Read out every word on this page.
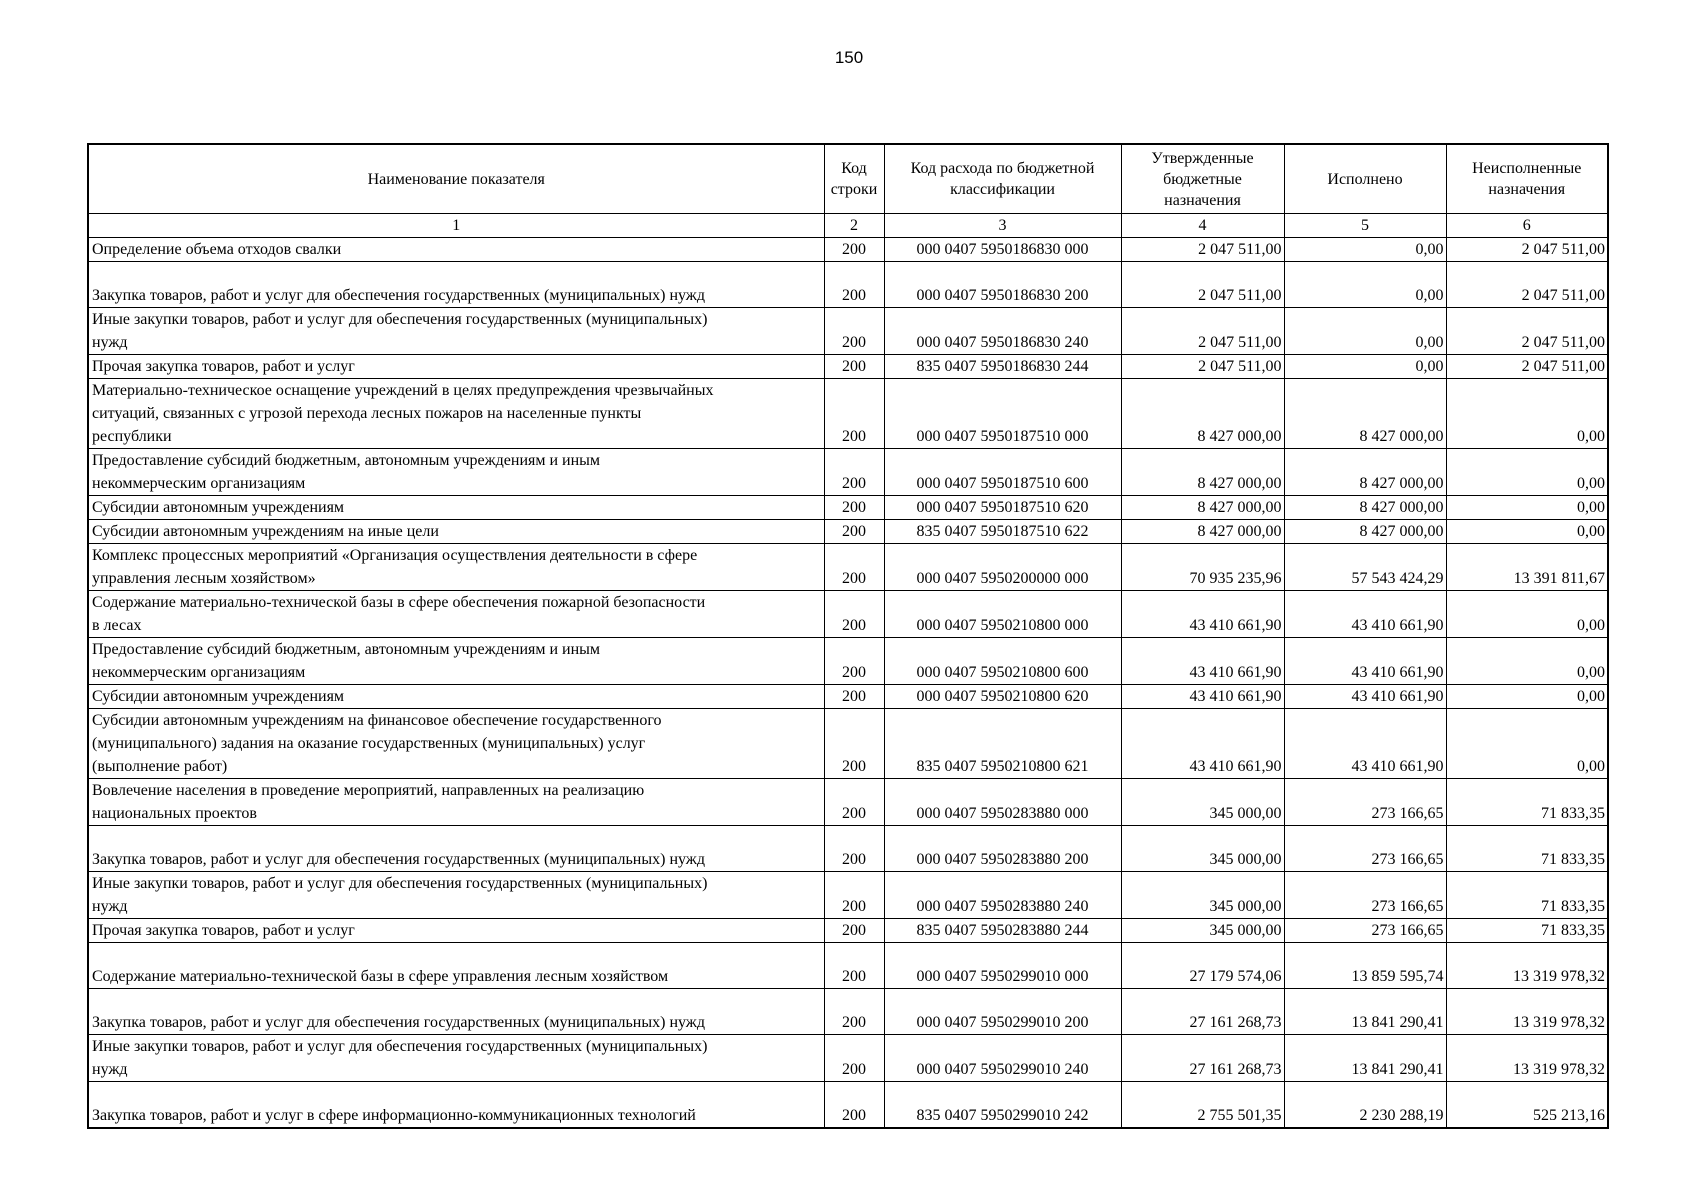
150
Наименование показателя	Код строки	Код расхода по бюджетной классификации	Утвержденные бюджетные назначения	Исполнено	Неисполненные назначения
1	2	3	4	5	6
Определение объема отходов свалки	200	000 0407 5950186830 000	2 047 511,00	0,00	2 047 511,00
Закупка товаров, работ и услуг для обеспечения государственных (муниципальных) нужд	200	000 0407 5950186830 200	2 047 511,00	0,00	2 047 511,00
Иные закупки товаров, работ и услуг для обеспечения государственных (муниципальных)
нужд	200	000 0407 5950186830 240	2 047 511,00	0,00	2 047 511,00
Прочая закупка товаров, работ и услуг	200	835 0407 5950186830 244	2 047 511,00	0,00	2 047 511,00
Материально-техническое оснащение учреждений в целях предупреждения чрезвычайных
ситуаций, связанных с угрозой перехода лесных пожаров на населенные пункты
республики	200	000 0407 5950187510 000	8 427 000,00	8 427 000,00	0,00
Предоставление субсидий бюджетным, автономным учреждениям и иным
некоммерческим организациям	200	000 0407 5950187510 600	8 427 000,00	8 427 000,00	0,00
Субсидии автономным учреждениям	200	000 0407 5950187510 620	8 427 000,00	8 427 000,00	0,00
Субсидии автономным учреждениям на иные цели	200	835 0407 5950187510 622	8 427 000,00	8 427 000,00	0,00
Комплекс процессных мероприятий «Организация осуществления деятельности в сфере
управления лесным хозяйством»	200	000 0407 5950200000 000	70 935 235,96	57 543 424,29	13 391 811,67
Содержание материально-технической базы в сфере обеспечения пожарной безопасности
в лесах	200	000 0407 5950210800 000	43 410 661,90	43 410 661,90	0,00
Предоставление субсидий бюджетным, автономным учреждениям и иным
некоммерческим организациям	200	000 0407 5950210800 600	43 410 661,90	43 410 661,90	0,00
Субсидии автономным учреждениям	200	000 0407 5950210800 620	43 410 661,90	43 410 661,90	0,00
Субсидии автономным учреждениям на финансовое обеспечение государственного
(муниципального) задания на оказание государственных (муниципальных) услуг
(выполнение работ)	200	835 0407 5950210800 621	43 410 661,90	43 410 661,90	0,00
Вовлечение населения в проведение мероприятий, направленных на реализацию
национальных проектов	200	000 0407 5950283880 000	345 000,00	273 166,65	71 833,35
Закупка товаров, работ и услуг для обеспечения государственных (муниципальных) нужд	200	000 0407 5950283880 200	345 000,00	273 166,65	71 833,35
Иные закупки товаров, работ и услуг для обеспечения государственных (муниципальных)
нужд	200	000 0407 5950283880 240	345 000,00	273 166,65	71 833,35
Прочая закупка товаров, работ и услуг	200	835 0407 5950283880 244	345 000,00	273 166,65	71 833,35
Содержание материально-технической базы в сфере управления лесным хозяйством	200	000 0407 5950299010 000	27 179 574,06	13 859 595,74	13 319 978,32
Закупка товаров, работ и услуг для обеспечения государственных (муниципальных) нужд	200	000 0407 5950299010 200	27 161 268,73	13 841 290,41	13 319 978,32
Иные закупки товаров, работ и услуг для обеспечения государственных (муниципальных)
нужд	200	000 0407 5950299010 240	27 161 268,73	13 841 290,41	13 319 978,32
Закупка товаров, работ и услуг в сфере информационно-коммуникационных технологий	200	835 0407 5950299010 242	2 755 501,35	2 230 288,19	525 213,16
